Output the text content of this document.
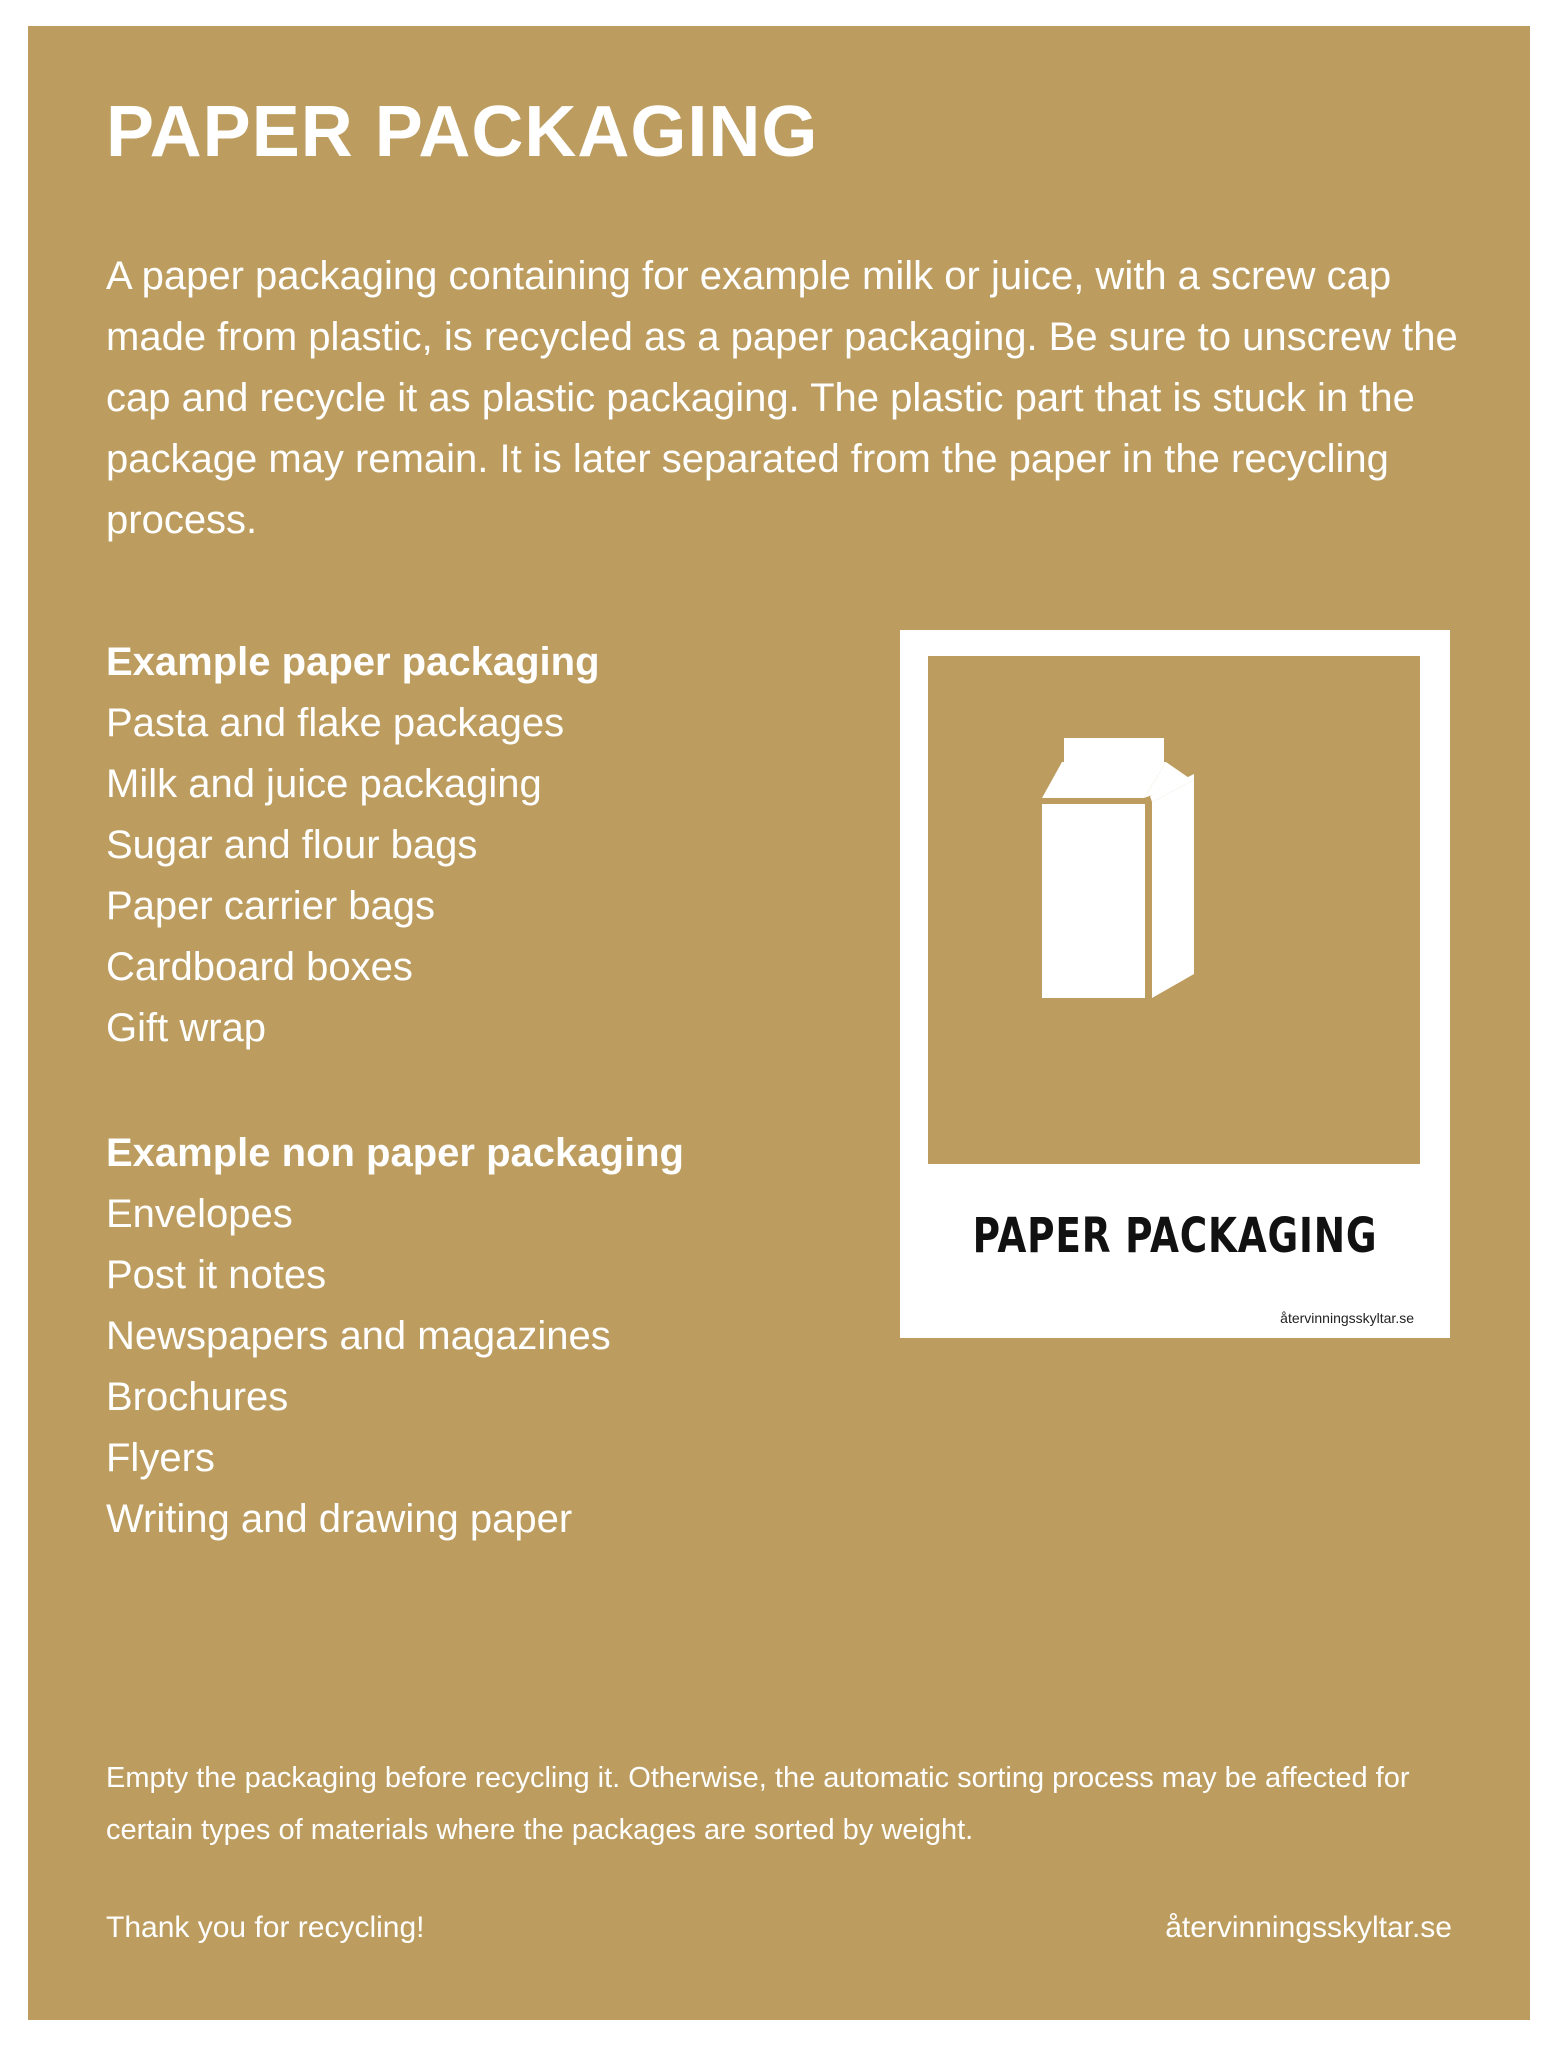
PAPER PACKAGING

A paper packaging containing for example milk or juice, with a screw cap made from plastic, is recycled as a paper packaging. Be sure to unscrew the cap and recycle it as plastic packaging. The plastic part that is stuck in the package may remain. It is later separated from the paper in the recycling process.

Example paper packaging
Pasta and flake packages
Milk and juice packaging
Sugar and flour bags
Paper carrier bags
Cardboard boxes
Gift wrap
Example non paper packaging
Envelopes
Post it notes
Newspapers and magazines
Brochures
Flyers
Writing and drawing paper
PAPER PACKAGING
återvinningsskyltar.se

Empty the packaging before recycling it. Otherwise, the automatic sorting process may be affected for certain types of materials where the packages are sorted by weight.

Thank you for recycling!	återvinningsskyltar.se
